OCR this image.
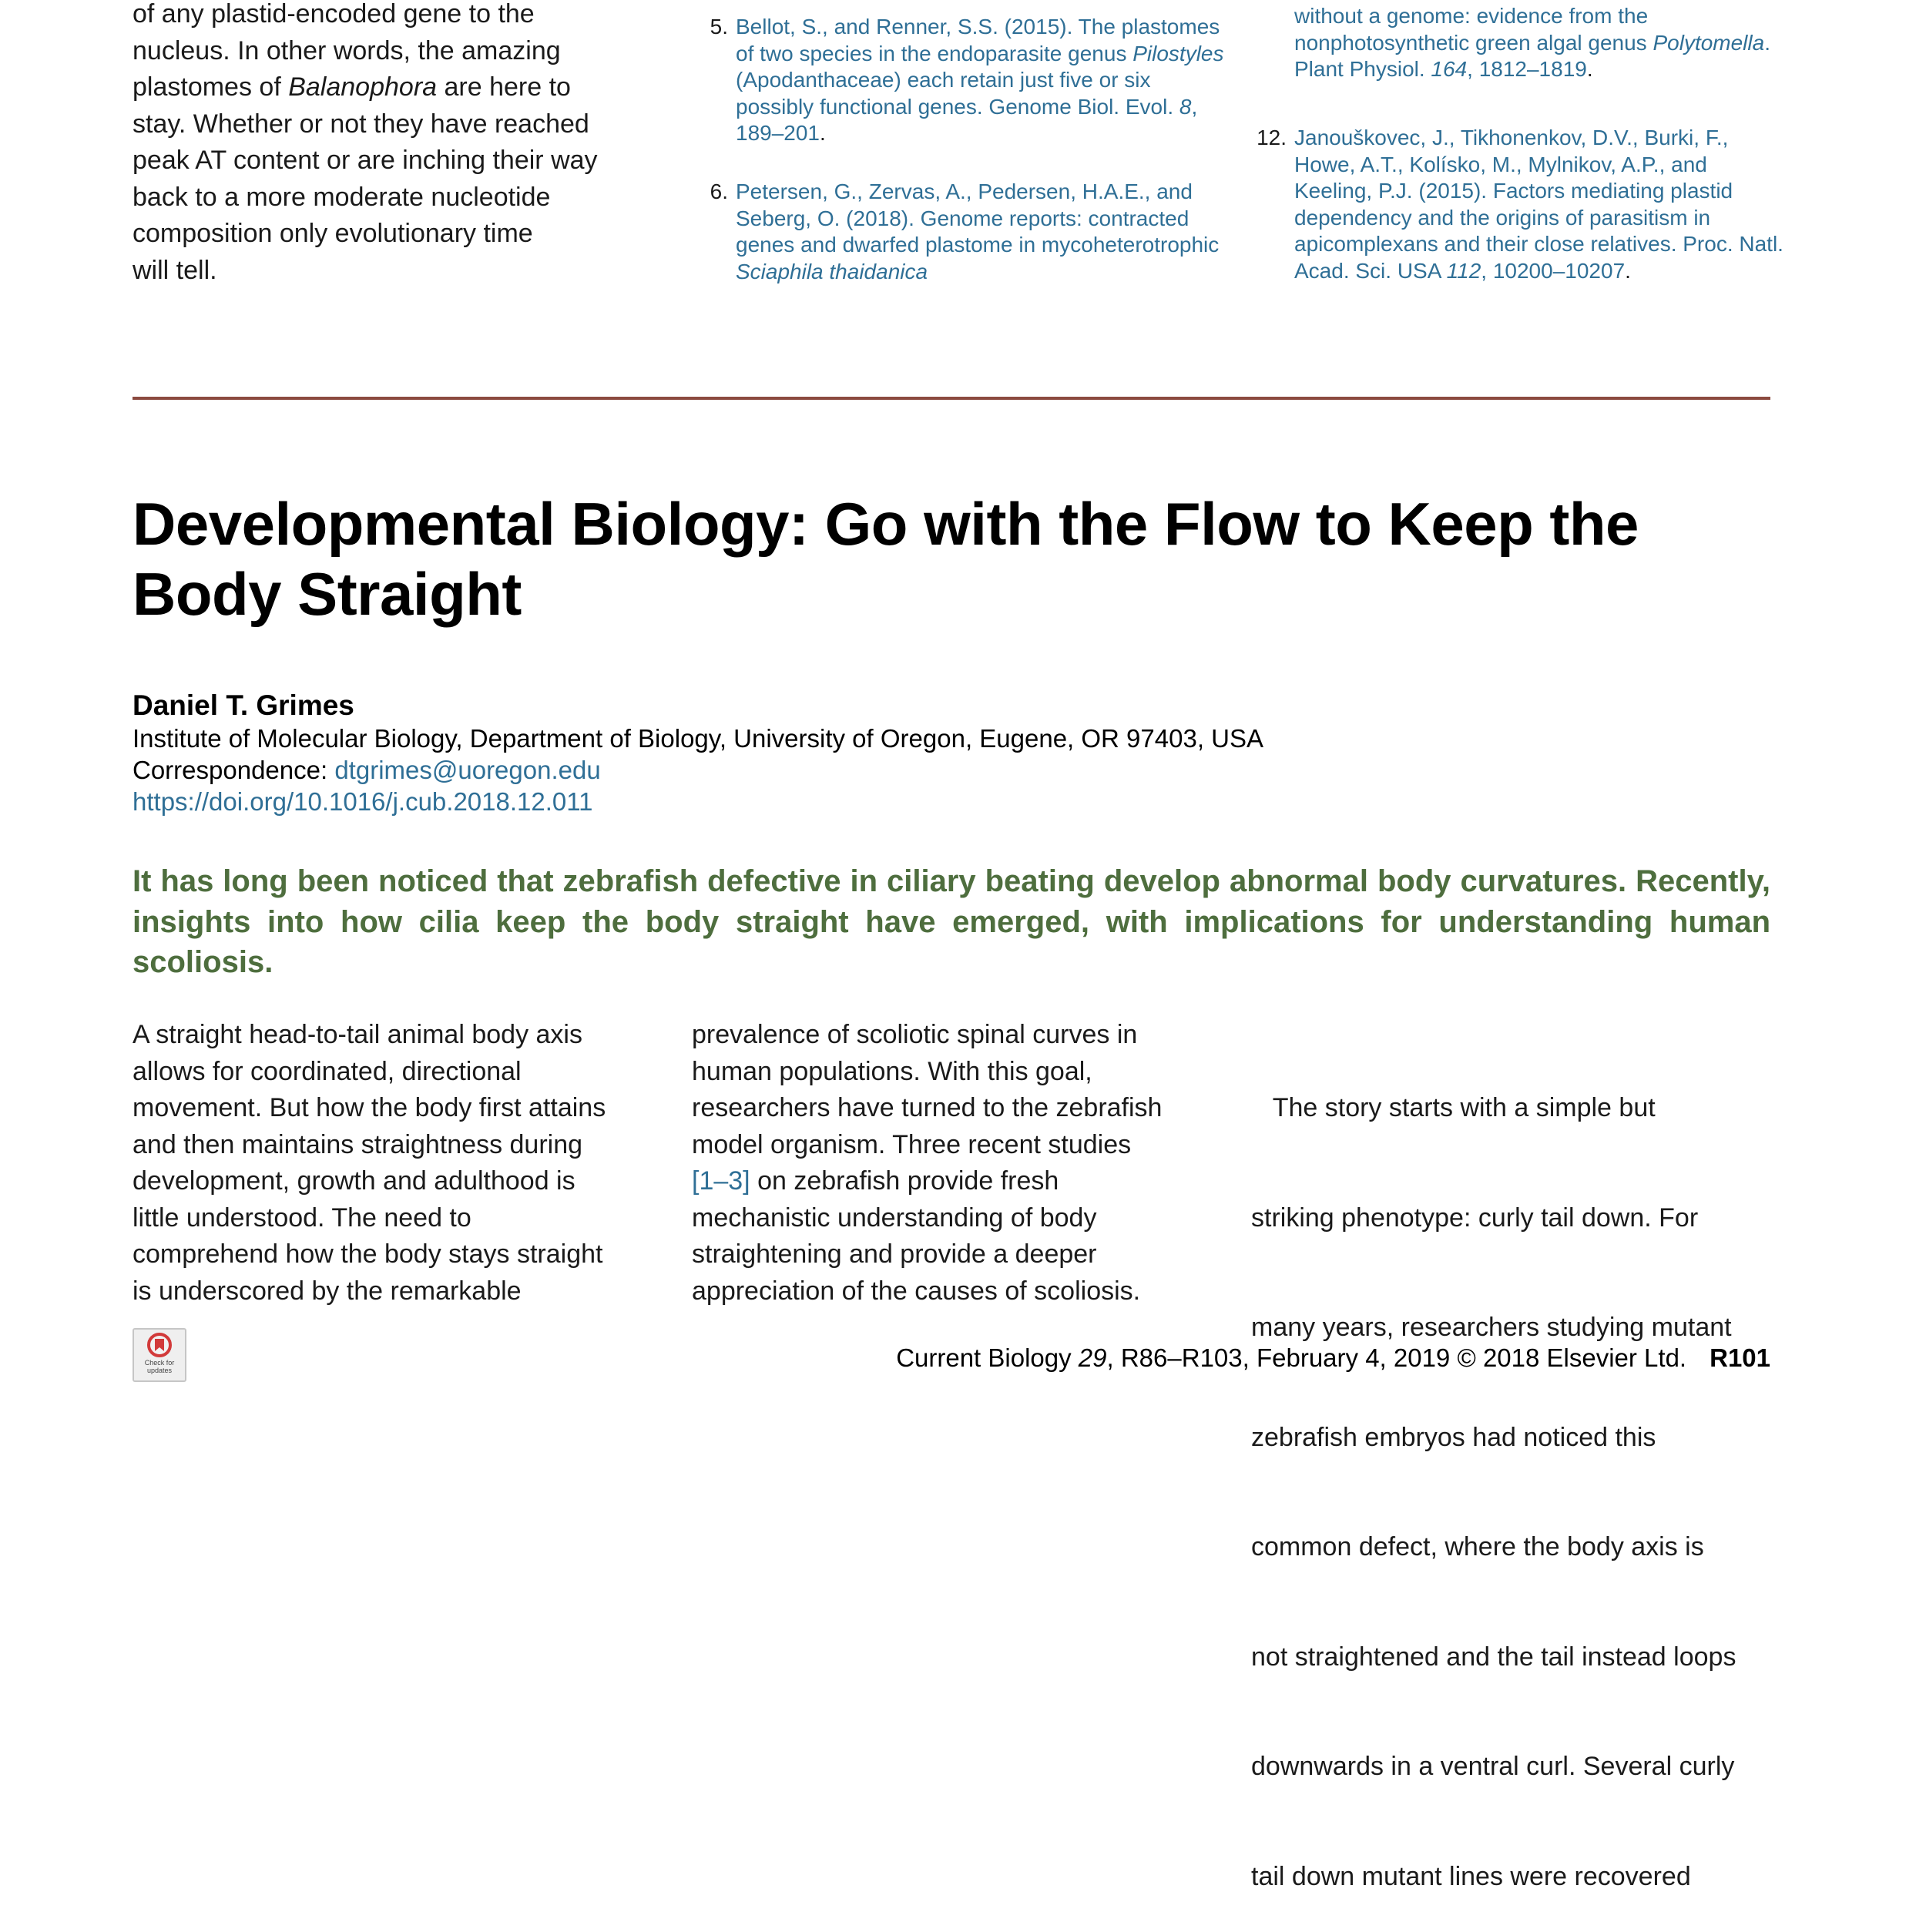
of any plastid-encoded gene to the
nucleus. In other words, the amazing
plastomes of Balanophora are here to
stay. Whether or not they have reached
peak AT content or are inching their way
back to a more moderate nucleotide
composition only evolutionary time
will tell.
5. Bellot, S., and Renner, S.S. (2015). The plastomes of two species in the endoparasite genus Pilostyles (Apodanthaceae) each retain just five or six possibly functional genes. Genome Biol. Evol. 8, 189–201.
6. Petersen, G., Zervas, A., Pedersen, H.A.E., and Seberg, O. (2018). Genome reports: contracted genes and dwarfed plastome in mycoheterotrophic Sciaphila thaidanica
without a genome: evidence from the nonphotosynthetic green algal genus Polytomella. Plant Physiol. 164, 1812–1819.
12. Janouškovec, J., Tikhonenkov, D.V., Burki, F., Howe, A.T., Kolísko, M., Mylnikov, A.P., and Keeling, P.J. (2015). Factors mediating plastid dependency and the origins of parasitism in apicomplexans and their close relatives. Proc. Natl. Acad. Sci. USA 112, 10200–10207.
Developmental Biology: Go with the Flow to Keep the Body Straight
Daniel T. Grimes
Institute of Molecular Biology, Department of Biology, University of Oregon, Eugene, OR 97403, USA
Correspondence: dtgrimes@uoregon.edu
https://doi.org/10.1016/j.cub.2018.12.011

It has long been noticed that zebrafish defective in ciliary beating develop abnormal body curvatures. Recently, insights into how cilia keep the body straight have emerged, with implications for understanding human scoliosis.

A straight head-to-tail animal body axis
allows for coordinated, directional
movement. But how the body first attains
and then maintains straightness during
development, growth and adulthood is
little understood. The need to
comprehend how the body stays straight
is underscored by the remarkable
prevalence of scoliotic spinal curves in
human populations. With this goal,
researchers have turned to the zebrafish
model organism. Three recent studies
[1–3] on zebrafish provide fresh
mechanistic understanding of body
straightening and provide a deeper
appreciation of the causes of scoliosis.

The story starts with a simple but

striking phenotype: curly tail down. For

many years, researchers studying mutant

zebrafish embryos had noticed this

common defect, where the body axis is

not straightened and the tail instead loops

downwards in a ventral curl. Several curly

tail down mutant lines were recovered

Check for updates	Current Biology 29, R86–R103, February 4, 2019 © 2018 Elsevier Ltd. R101
